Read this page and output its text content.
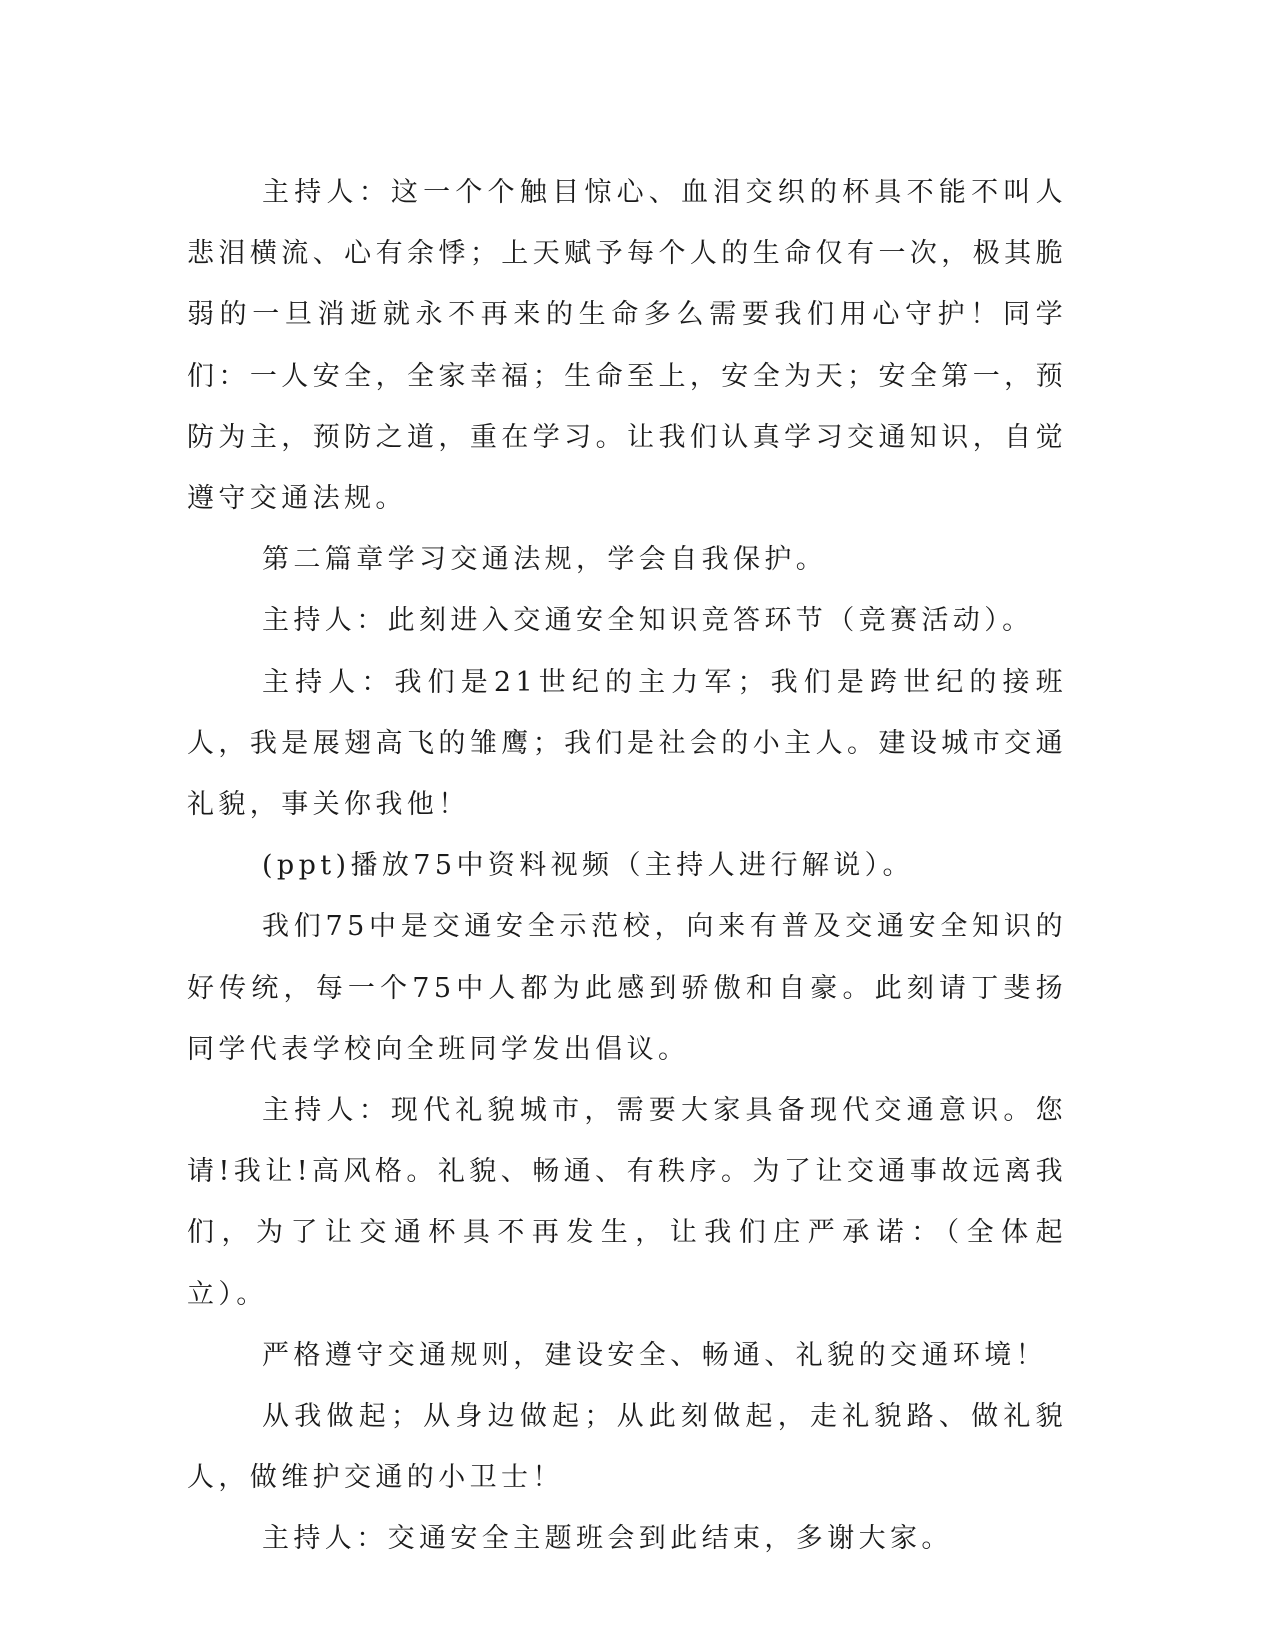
主持人：这一个个触目惊心、血泪交织的杯具不能不叫人悲泪横流、心有余悸；上天赋予每个人的生命仅有一次，极其脆弱的一旦消逝就永不再来的生命多么需要我们用心守护！同学们：一人安全，全家幸福；生命至上，安全为天；安全第一，预防为主，预防之道，重在学习。让我们认真学习交通知识，自觉遵守交通法规。

第二篇章学习交通法规，学会自我保护。

主持人：此刻进入交通安全知识竞答环节（竞赛活动）。

主持人：我们是21世纪的主力军；我们是跨世纪的接班人，我是展翅高飞的雏鹰；我们是社会的小主人。建设城市交通礼貌，事关你我他！

(ppt)播放75中资料视频（主持人进行解说）。

我们75中是交通安全示范校，向来有普及交通安全知识的好传统，每一个75中人都为此感到骄傲和自豪。此刻请丁斐扬同学代表学校向全班同学发出倡议。

主持人：现代礼貌城市，需要大家具备现代交通意识。您请!我让!高风格。礼貌、畅通、有秩序。为了让交通事故远离我们，为了让交通杯具不再发生，让我们庄严承诺：（全体起立）。

严格遵守交通规则，建设安全、畅通、礼貌的交通环境！

从我做起；从身边做起；从此刻做起，走礼貌路、做礼貌人，做维护交通的小卫士！

主持人：交通安全主题班会到此结束，多谢大家。
